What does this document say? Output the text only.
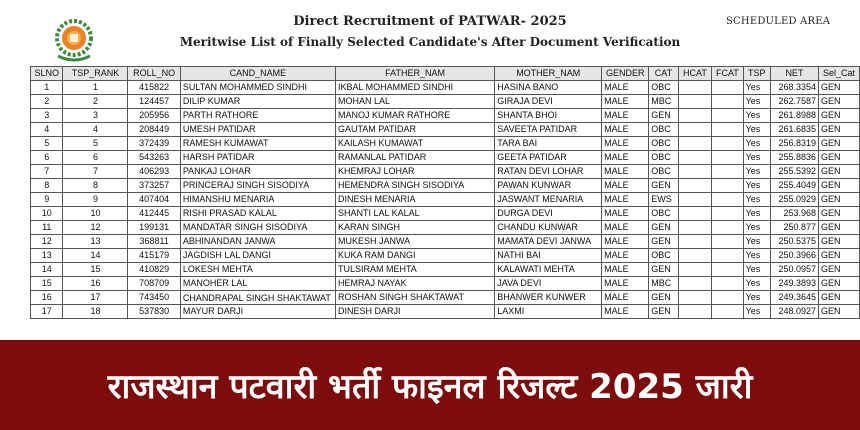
Direct Recruitment of PATWAR- 2025
Meritwise List of Finally Selected Candidate's After Document Verification
SCHEDULED AREA
SLNO	TSP_RANK	ROLL_NO	CAND_NAME	FATHER_NAM	MOTHER_NAM	GENDER	CAT	HCAT	FCAT	TSP	NET	Sel_Cat
1	1	415822	SULTAN MOHAMMED SINDHI	IKBAL MOHAMMED SINDHI	HASINA BANO	MALE	OBC			Yes	268.3354	GEN
2	2	124457	DILIP KUMAR	MOHAN LAL	GIRAJA DEVI	MALE	MBC			Yes	262.7587	GEN
3	3	205956	PARTH RATHORE	MANOJ KUMAR RATHORE	SHANTA BHOI	MALE	GEN			Yes	261.8988	GEN
4	4	208449	UMESH PATIDAR	GAUTAM PATIDAR	SAVEETA PATIDAR	MALE	OBC			Yes	261.6835	GEN
5	5	372439	RAMESH KUMAWAT	KAILASH KUMAWAT	TARA BAI	MALE	OBC			Yes	256.8319	GEN
6	6	543263	HARSH PATIDAR	RAMANLAL PATIDAR	GEETA PATIDAR	MALE	OBC			Yes	255.8836	GEN
7	7	406293	PANKAJ LOHAR	KHEMRAJ LOHAR	RATAN DEVI LOHAR	MALE	OBC			Yes	255.5392	GEN
8	8	373257	PRINCERAJ SINGH SISODIYA	HEMENDRA SINGH SISODIYA	PAWAN KUNWAR	MALE	GEN			Yes	255.4049	GEN
9	9	407404	HIMANSHU MENARIA	DINESH MENARIA	JASWANT MENARIA	MALE	EWS			Yes	255.0929	GEN
10	10	412445	RISHI PRASAD KALAL	SHANTI LAL KALAL	DURGA DEVI	MALE	OBC			Yes	253.968	GEN
11	12	199131	MANDATAR SINGH SISODIYA	KARAN SINGH	CHANDU KUNWAR	MALE	GEN			Yes	250.877	GEN
12	13	368811	ABHINANDAN JANWA	MUKESH JANWA	MAMATA DEVI JANWA	MALE	GEN			Yes	250.5375	GEN
13	14	415179	JAGDISH LAL DANGI	KUKA RAM DANGI	NATHI BAI	MALE	OBC			Yes	250.3966	GEN
14	15	410829	LOKESH MEHTA	TULSIRAM MEHTA	KALAWATI MEHTA	MALE	GEN			Yes	250.0957	GEN
15	16	708709	MANOHER LAL	HEMRAJ NAYAK	JAVA DEVI	MALE	MBC			Yes	249.3893	GEN
16	17	743450	CHANDRAPAL SINGH SHAKTAWAT	ROSHAN SINGH SHAKTAWAT	BHANWER KUNWER	MALE	GEN			Yes	249.3645	GEN
17	18	537830	MAYUR DARJI	DINESH DARJI	LAXMI	MALE	GEN			Yes	248.0927	GEN
राजस्थान पटवारी भर्ती फाइनल रिजल्ट 2025 जारी
